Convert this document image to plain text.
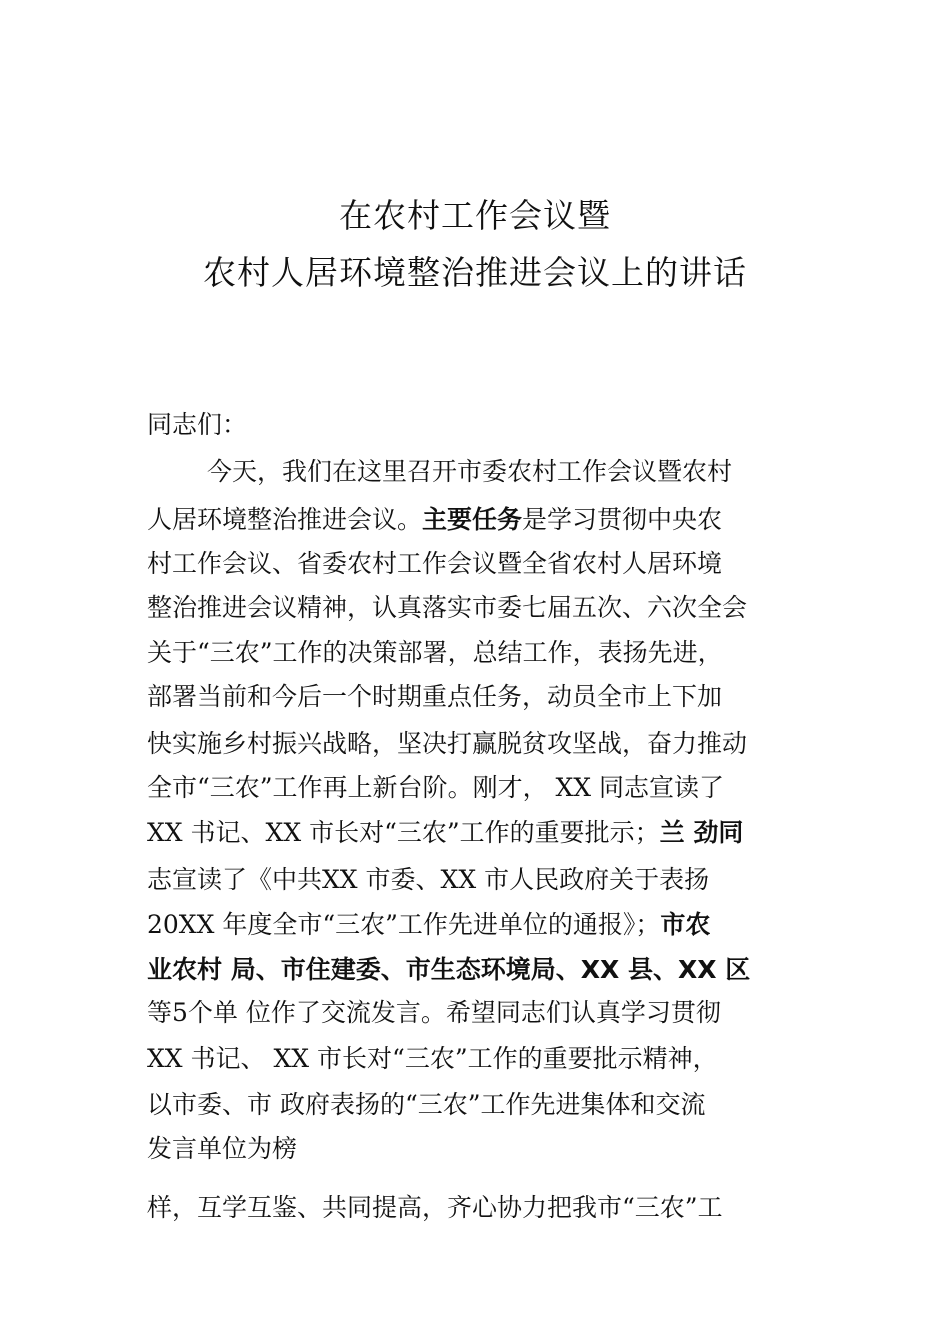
在农村工作会议暨
农村人居环境整治推进会议上的讲话
同志们：
今天，我们在这里召开市委农村工作会议暨农村
人居环境整治推进会议。主要任务是学习贯彻中央农
村工作会议、省委农村工作会议暨全省农村人居环境
整治推进会议精神，认真落实市委七届五次、六次全会
关于“三农”工作的决策部署，总结工作，表扬先进，
部署当前和今后一个时期重点任务，动员全市上下加
快实施乡村振兴战略，坚决打赢脱贫攻坚战，奋力推动
全市“三农”工作再上新台阶。刚才， XX 同志宣读了
XX 书记、XX 市长对“三农”工作的重要批示；兰 劲同
志宣读了《中共XX 市委、XX 市人民政府关于表扬
20XX 年度全市“三农”工作先进单位的通报》；市农
业农村 局、市住建委、市生态环境局、XX 县、XX 区
等5个单 位作了交流发言。希望同志们认真学习贯彻
XX 书记、 XX 市长对“三农”工作的重要批示精神，
以市委、市 政府表扬的“三农”工作先进集体和交流
发言单位为榜
样，互学互鉴、共同提高，齐心协力把我市“三农”工
